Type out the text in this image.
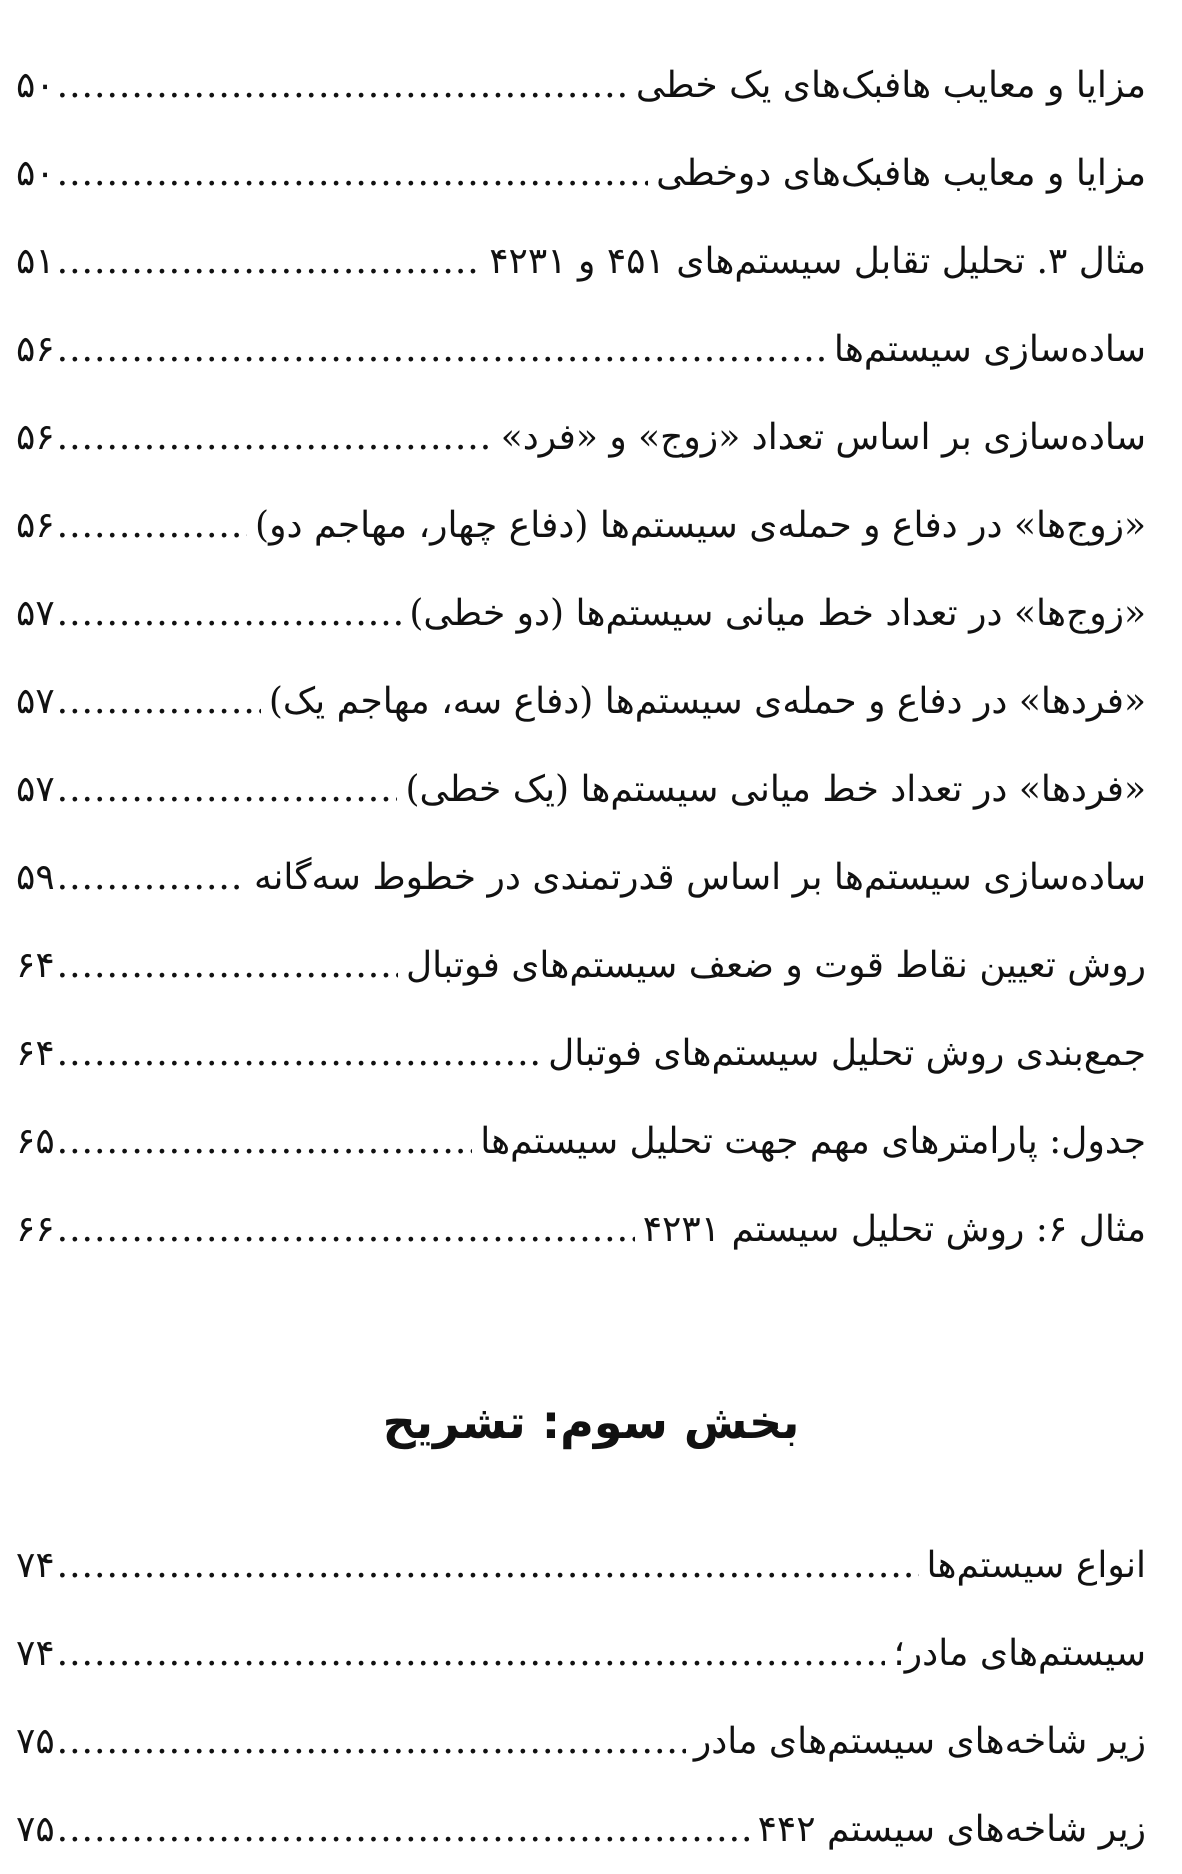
مزایا و معایب هافبک‌های یک خطی
.....
۵۰
مزایا و معایب هافبک‌های دوخطی
.....
۵۰
مثال ۳. تحلیل تقابل سیستم‌های ۴۵۱ و ۴۲۳۱
.....
۵۱
ساده‌سازی سیستم‌ها
.....
۵۶
ساده‌سازی بر اساس تعداد «زوج» و «فرد»
.....
۵۶
«زوج‌ها» در دفاع و حمله‌ی سیستم‌ها (دفاع چهار، مهاجم دو)
.....
۵۶
«زوج‌ها» در تعداد خط میانی سیستم‌ها (دو خطی)
.....
۵۷
«فردها» در دفاع و حمله‌ی سیستم‌ها (دفاع سه، مهاجم یک)
.....
۵۷
«فردها» در تعداد خط میانی سیستم‌ها (یک خطی)
.....
۵۷
ساده‌سازی سیستم‌ها بر اساس قدرتمندی در خطوط سه‌گانه
.....
۵۹
روش تعیین نقاط قوت و ضعف سیستم‌های فوتبال
.....
۶۴
جمع‌بندی روش تحلیل سیستم‌های فوتبال
.....
۶۴
جدول: پارامترهای مهم جهت تحلیل سیستم‌ها
.....
۶۵
مثال ۶: روش تحلیل سیستم ۴۲۳۱
.....
۶۶
بخش سوم: تشریح
انواع سیستم‌ها
.....
۷۴
سیستم‌های مادر؛
.....
۷۴
زیر شاخه‌های سیستم‌های مادر
.....
۷۵
زیر شاخه‌های سیستم ۴۴۲
.....
۷۵
